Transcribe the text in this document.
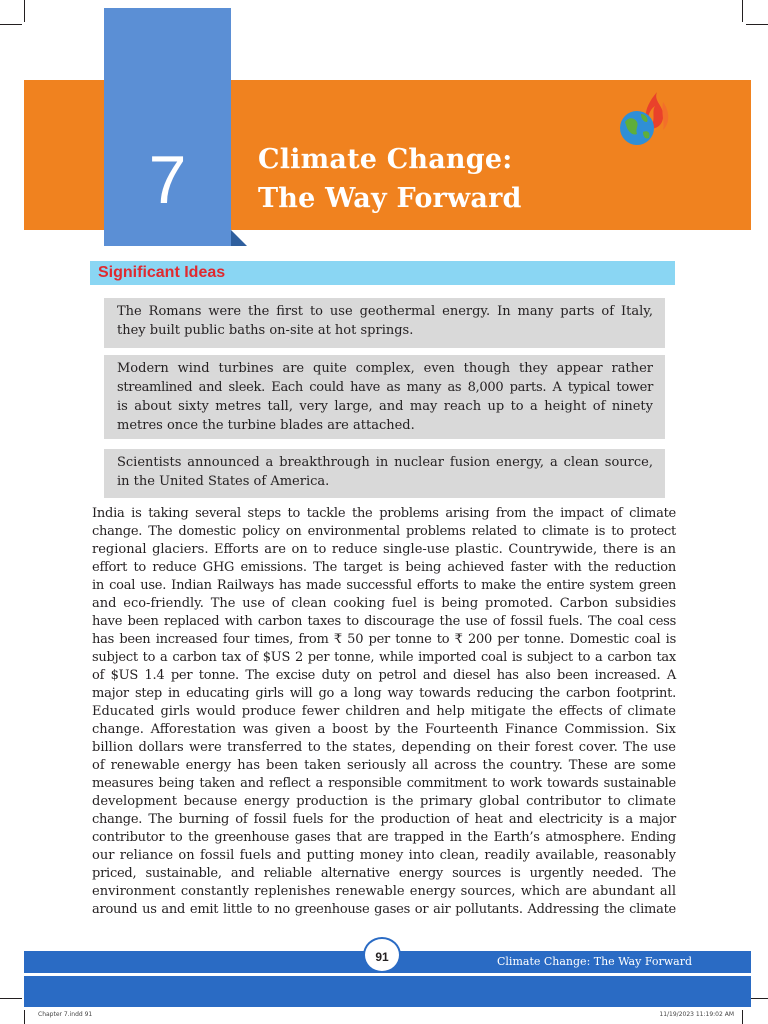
7	Climate Change:
The Way Forward
Significant Ideas
The Romans were the first to use geothermal energy. In many parts of Italy,
they built public baths on-site at hot springs.
Modern wind turbines are quite complex, even though they appear rather
streamlined and sleek. Each could have as many as 8,000 parts. A typical tower
is about sixty metres tall, very large, and may reach up to a height of ninety
metres once the turbine blades are attached.
Scientists announced a breakthrough in nuclear fusion energy, a clean source,
in the United States of America.
India is taking several steps to tackle the problems arising from the impact of climate
change. The domestic policy on environmental problems related to climate is to protect
regional glaciers. Efforts are on to reduce single-use plastic. Countrywide, there is an
effort to reduce GHG emissions. The target is being achieved faster with the reduction
in coal use. Indian Railways has made successful efforts to make the entire system green
and eco-friendly. The use of clean cooking fuel is being promoted. Carbon subsidies
have been replaced with carbon taxes to discourage the use of fossil fuels. The coal cess
has been increased four times, from ₹ 50 per tonne to ₹ 200 per tonne. Domestic coal is
subject to a carbon tax of $US 2 per tonne, while imported coal is subject to a carbon tax
of $US 1.4 per tonne. The excise duty on petrol and diesel has also been increased. A
major step in educating girls will go a long way towards reducing the carbon footprint.
Educated girls would produce fewer children and help mitigate the effects of climate
change. Afforestation was given a boost by the Fourteenth Finance Commission. Six
billion dollars were transferred to the states, depending on their forest cover. The use
of renewable energy has been taken seriously all across the country. These are some
measures being taken and reflect a responsible commitment to work towards sustainable
development because energy production is the primary global contributor to climate
change. The burning of fossil fuels for the production of heat and electricity is a major
contributor to the greenhouse gases that are trapped in the Earth’s atmosphere. Ending
our reliance on fossil fuels and putting money into clean, readily available, reasonably
priced, sustainable, and reliable alternative energy sources is urgently needed. The
environment constantly replenishes renewable energy sources, which are abundant all
around us and emit little to no greenhouse gases or air pollutants. Addressing the climate
Climate Change: The Way Forward
91
Chapter 7.indd 91	11/19/2023 11:19:02 AM
